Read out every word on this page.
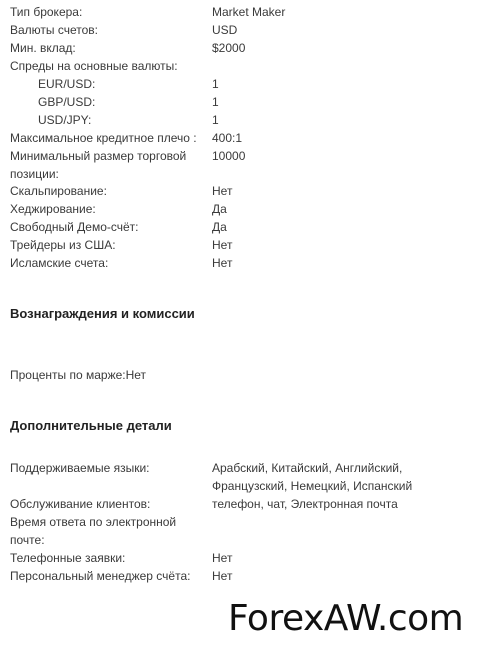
Тип брокера:	Market Maker
Валюты счетов:	USD
Мин. вклад:	$2000
Спреды на основные валюты:
EUR/USD:	1
GBP/USD:	1
USD/JPY:	1
Максимальное кредитное плечо :	400:1
Минимальный размер торговой позиции:
10000
Скальпирование:	Нет
Хеджирование:	Да
Свободный Демо-счёт:	Да
Трейдеры из США:	Нет
Исламские счета:	Нет
Вознаграждения и комиссии
Проценты по марже:Нет
Дополнительные детали
Поддерживаемые языки:	Арабский, Китайский, Английский, Французский, Немецкий, Испанский
Обслуживание клиентов:	телефон, чат, Электронная почта
Время ответа по электронной почте:
Телефонные заявки:	Нет
Персональный менеджер счёта:	Нет
ForexAW.com
